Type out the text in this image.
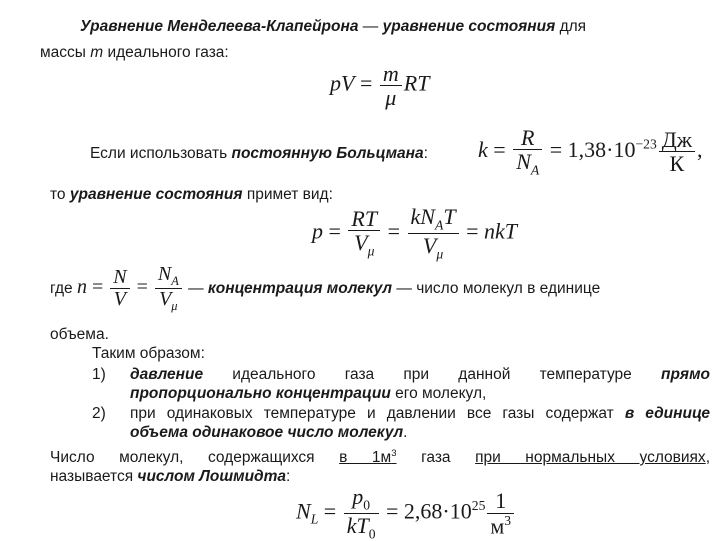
Уравнение Менделеева-Клапейрона — уравнение состояния для
массы m идеального газа:
pV = $\frac{m}{\mu}$ RT
Если использовать постоянную Больцмана: $k = \frac{R}{N_A} = 1,38\cdot 10^{-23} \frac{Дж}{К}$ ,
то уравнение состояния примет вид:
$p = \frac{RT}{V_\mu} = \frac{kN_AT}{V_\mu}$ = nkT
где $n = \frac{N}{V} = \frac{N_A}{V_\mu}$ — концентрация молекул — число молекул в единице
объема.
Таким образом:
1) давление идеального газа при данной температуре прямо
пропорционально концентрации его молекул,
2) при одинаковых температуре и давлении все газы содержат в единице
объема одинаковое число молекул.
Число молекул, содержащихся в $1м^3$ газа при нормальных условиях,
называется числом Лошмидта:
$N_L = \frac{p_0}{kT_0} = 2,68\cdot 10^{25} \frac{1}{м^3}$
